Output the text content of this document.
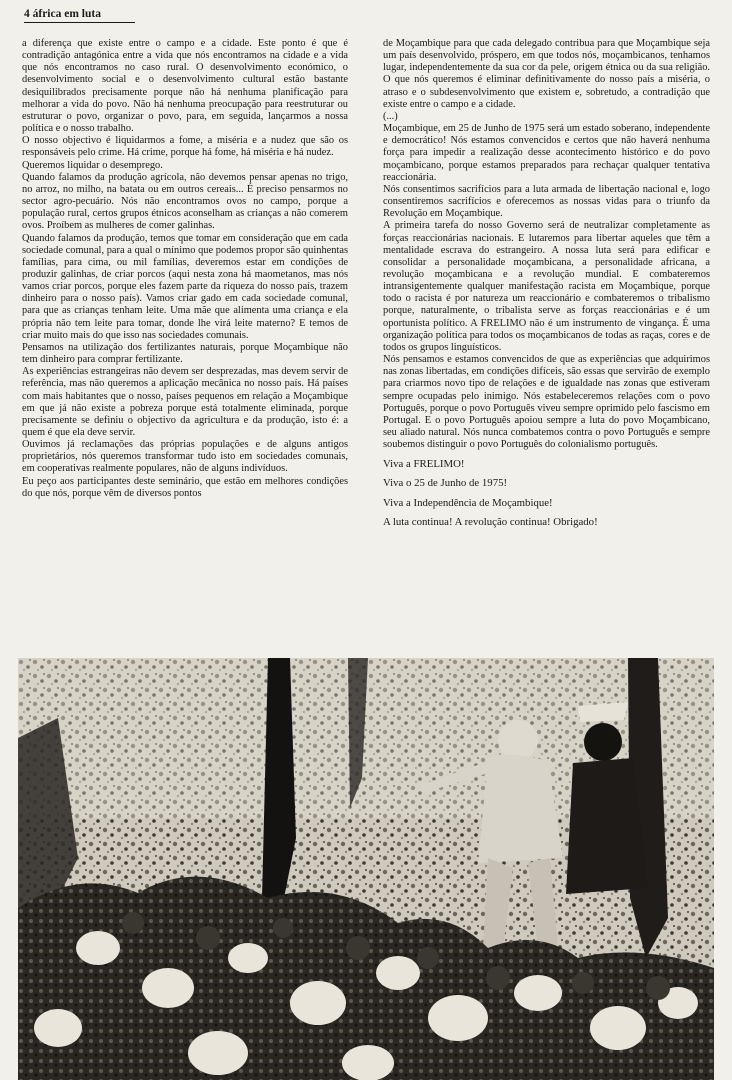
4 áfrica em luta

a diferença que existe entre o campo e a cidade. Este ponto é que é contradição antagónica entre a vida que nós encontramos na cidade e a vida que nós encontramos no caso rural. O desenvolvimento económico, o desenvolvimento social e o desenvolvimento cultural estão bastante desiquilibrados precisamente porque não há nenhuma planificação para melhorar a vida do povo. Não há nenhuma preocupação para reestruturar ou estruturar o povo, organizar o povo, para, em seguida, lançarmos a nossa política e o nosso trabalho.

O nosso objectivo é liquidarmos a fome, a miséria e a nudez que são os responsáveis pelo crime. Há crime, porque há fome, há miséria e há nudez.

Queremos liquidar o desemprego.

Quando falamos da produção agrícola, não devemos pensar apenas no trigo, no arroz, no milho, na batata ou em outros cereais... É preciso pensarmos no sector agro-pecuário. Nós não encontramos ovos no campo, porque a população rural, certos grupos étnicos aconselham as crianças a não comerem ovos. Proíbem as mulheres de comer galinhas.

Quando falamos da produção, temos que tomar em consideração que em cada sociedade comunal, para a qual o mínimo que podemos propor são quinhentas famílias, para cima, ou mil famílias, deveremos estar em condições de produzir galinhas, de criar porcos (aqui nesta zona há maometanos, mas nós vamos criar porcos, porque eles fazem parte da riqueza do nosso país, trazem dinheiro para o nosso país). Vamos criar gado em cada sociedade comunal, para que as crianças tenham leite. Uma mãe que alimenta uma criança e ela própria não tem leite para tomar, donde lhe virá leite materno? E temos de criar muito mais do que isso nas sociedades comunais.

Pensamos na utilização dos fertilizantes naturais, porque Moçambique não tem dinheiro para comprar fertilizante.

As experiências estrangeiras não devem ser desprezadas, mas devem servir de referência, mas não queremos a aplicação mecânica no nosso país. Há países com mais habitantes que o nosso, países pequenos em relação a Moçambique em que já não existe a pobreza porque está totalmente eliminada, porque precisamente se definiu o objectivo da agricultura e da produção, isto é: a quem é que ela deve servir.

Ouvimos já reclamações das próprias populações e de alguns antigos proprietários, nós queremos transformar tudo isto em sociedades comunais, em cooperativas realmente populares, não de alguns indivíduos.

Eu peço aos participantes deste seminário, que estão em melhores condições do que nós, porque vêm de diversos pontos

de Moçambique para que cada delegado contribua para que Moçambique seja um país desenvolvido, próspero, em que todos nós, moçambicanos, tenhamos lugar, independentemente da sua cor da pele, origem étnica ou da sua religião. O que nós queremos é eliminar definitivamente do nosso país a miséria, o atraso e o subdesenvolvimento que existem e, sobretudo, a contradição que existe entre o campo e a cidade.

(...)

Moçambique, em 25 de Junho de 1975 será um estado soberano, independente e democrático! Nós estamos convencidos e certos que não haverá nenhuma força para impedir a realização desse acontecimento histórico e do povo moçambicano, porque estamos preparados para rechaçar qualquer tentativa reaccionária.

Nós consentimos sacrifícios para a luta armada de libertação nacional e, logo consentiremos sacrifícios e oferecemos as nossas vidas para o triunfo da Revolução em Moçambique.

A primeira tarefa do nosso Governo será de neutralizar completamente as forças reaccionárias nacionais. E lutaremos para libertar aqueles que têm a mentalidade escrava do estrangeiro. A nossa luta será para edificar e consolidar a personalidade moçambicana, a personalidade africana, a revolução moçambicana e a revolução mundial. E combateremos intransigentemente qualquer manifestação racista em Moçambique, porque todo o racista é por natureza um reaccionário e combateremos o tribalismo porque, naturalmente, o tribalista serve as forças reaccionárias e é um oportunista político. A FRELIMO não é um instrumento de vingança. É uma organização política para todos os moçambicanos de todas as raças, cores e de todos os grupos linguísticos.

Nós pensamos e estamos convencidos de que as experiências que adquirimos nas zonas libertadas, em condições difíceis, são essas que servirão de exemplo para criarmos novo tipo de relações e de igualdade nas zonas que estiveram sempre ocupadas pelo inimigo. Nós estabeleceremos relações com o povo Português, porque o povo Português viveu sempre oprimido pelo fascismo em Portugal. E o povo Português apoiou sempre a luta do povo Moçambicano, seu aliado natural. Nós nunca combatemos contra o povo Português e sempre soubemos distinguir o povo Português do colonialismo português.

Viva a FRELIMO!

Viva o 25 de Junho de 1975!

Viva a Independência de Moçambique!

A luta continua! A revolução continua! Obrigado!
